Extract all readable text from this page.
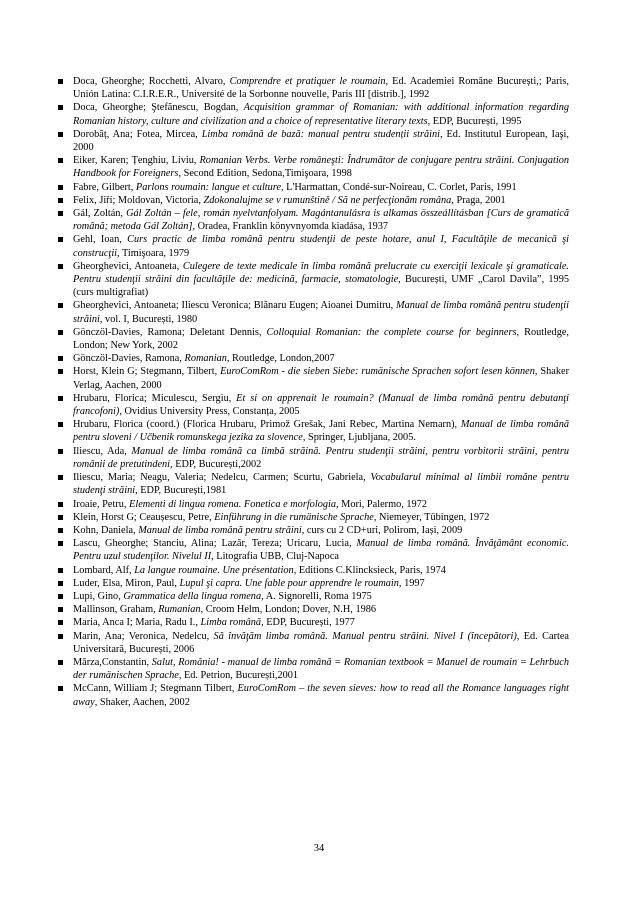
Doca, Gheorghe; Rocchetti, Alvaro, Comprendre et pratiquer le roumain, Ed. Academiei Române București,; Paris, Unión Latina: C.I.R.E.R., Université de la Sorbonne nouvelle, Paris III [distrib.], 1992
Doca, Gheorghe; Ştefănescu, Bogdan, Acquisition grammar of Romanian: with additional information regarding Romanian history, culture and civilization and a choice of representative literary texts, EDP, București, 1995
Dorobăț, Ana; Fotea, Mircea, Limba română de bază: manual pentru studenții străini, Ed. Institutul European, Iaşi, 2000
Eiker, Karen; Țenghiu, Liviu, Romanian Verbs. Verbe româneşti: Îndrumător de conjugare pentru străini. Conjugation Handbook for Foreigners, Second Edition, Sedona,Timişoara, 1998
Fabre, Gilbert, Parlons roumain: langue et culture, L'Harmattan, Condé-sur-Noireau, C. Corlet, Paris, 1991
Felix, Jiří; Moldovan, Victoria, Zdokonalujme se v rumunštině / Să ne perfecţionăm româna, Praga, 2001
Gál, Zoltán, Gál Zoltán – fele, román nyelvtanfolyam. Magántanulásra is alkamas összeállításban [Curs de gramatică română; metoda Gál Zoltán], Oradea, Franklin könyvnyomda kiadása, 1937
Gehl, Ioan, Curs practic de limba română pentru studenţii de peste hotare, anul I, Facultăţile de mecanică şi construcţii, Timişoara, 1979
Gheorghevici, Antoaneta, Culegere de texte medicale în limba română prelucrate cu exerciţii lexicale şi gramaticale. Pentru studenţii străini din facultăţile de: medicină, farmacie, stomatologie, București, UMF „Carol Davila”, 1995 (curs multigrafiat)
Gheorghevici, Antoaneta; Iliescu Veronica; Blănaru Eugen; Aioanei Dumitru, Manual de limba română pentru studenţii străini, vol. I, București, 1980
Gönczöl-Davies, Ramona; Deletant Dennis, Colloquial Romanian: the complete course for beginners, Routledge, London; New York, 2002
Gönczöl-Davies, Ramona, Romanian, Routledge, London,2007
Horst, Klein G; Stegmann, Tilbert, EuroComRom - die sieben Siebe: rumänische Sprachen sofort lesen können, Shaker Verlag, Aachen, 2000
Hrubaru, Florica; Miculescu, Sergiu, Et si on apprenait le roumain? (Manual de limba română pentru debutanţi francofoni), Ovidius University Press, Constanța, 2005
Hrubaru, Florica (coord.) (Florica Hrubaru, Primož Grešak, Jani Rebec, Martina Nemarn), Manual de limba română pentru sloveni / Učbenik romunskega jezika za slovence, Springer, Ljubljana, 2005.
Iliescu, Ada, Manual de limba română ca limbă străină. Pentru studenţii străini, pentru vorbitorii străini, pentru românii de pretutindeni, EDP, București,2002
Iliescu, Maria; Neagu, Valeria; Nedelcu, Carmen; Scurtu, Gabriela, Vocabularul minimal al limbii române pentru studenţi străini, EDP, București,1981
Iroaie, Petru, Elementi di lingua romena. Fonetica e morfologia, Mori, Palermo, 1972
Klein, Horst G; Ceaușescu, Petre, Einführung in die rumänische Sprache, Niemeyer, Tübingen, 1972
Kohn, Daniela, Manual de limba română pentru străini, curs cu 2 CD+uri, Polirom, Iași, 2009
Lascu, Gheorghe; Stanciu, Alina; Lazăr, Tereza; Uricaru, Lucia, Manual de limba română. Învăţământ economic. Pentru uzul studenţilor. Nivelul II, Litografia UBB, Cluj-Napoca
Lombard, Alf, La langue roumaine. Une présentation, Editions C.Klincksieck, Paris, 1974
Luder, Elsa, Miron, Paul, Lupul şi capra. Une fable pour apprendre le roumain, 1997
Lupi, Gino, Grammatica della lingua romena, A. Signorelli, Roma 1975
Mallinson, Graham, Rumanian, Croom Helm, London; Dover, N.H, 1986
Maria, Anca I; Maria, Radu I., Limba română, EDP, București, 1977
Marin, Ana; Veronica, Nedelcu, Să învăţăm limba română. Manual pentru străini. Nivel I (începători), Ed. Cartea Universitară, București, 2006
Mârza,Constantin, Salut, România! - manual de limba română = Romanian textbook = Manuel de roumain = Lehrbuch der rumänischen Sprache, Ed. Petrion, București,2001
McCann, William J; Stegmann Tilbert, EuroComRom – the seven sieves: how to read all the Romance languages right away, Shaker, Aachen, 2002
34
